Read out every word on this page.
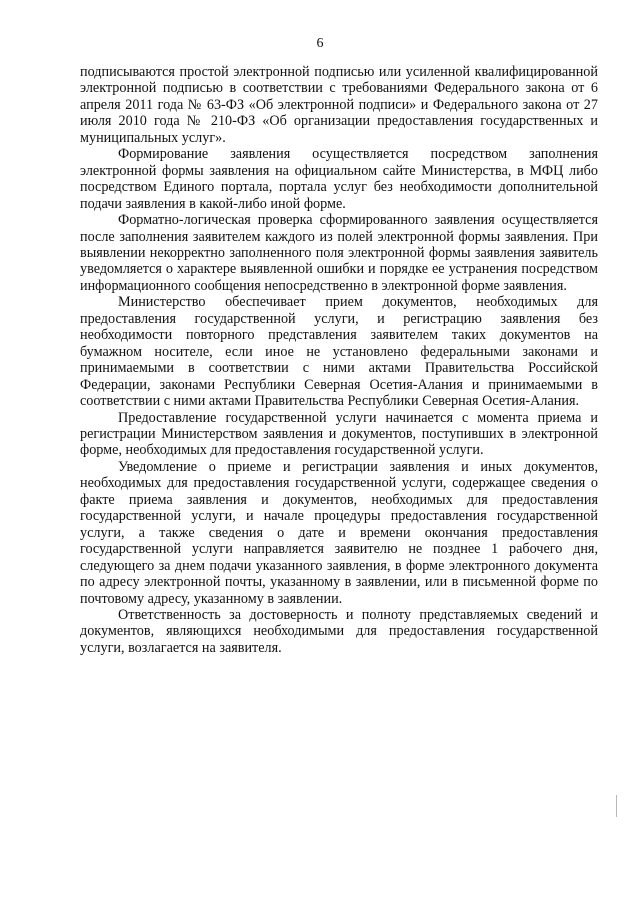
6

подписываются простой электронной подписью или усиленной квалифицированной электронной подписью в соответствии с требованиями Федерального закона от 6 апреля 2011 года № 63-ФЗ «Об электронной подписи» и Федерального закона от 27 июля 2010 года № 210-ФЗ «Об организации предоставления государственных и муниципальных услуг».

Формирование заявления осуществляется посредством заполнения электронной формы заявления на официальном сайте Министерства, в МФЦ либо посредством Единого портала, портала услуг без необходимости дополнительной подачи заявления в какой-либо иной форме.

Форматно-логическая проверка сформированного заявления осуществляется после заполнения заявителем каждого из полей электронной формы заявления. При выявлении некорректно заполненного поля электронной формы заявления заявитель уведомляется о характере выявленной ошибки и порядке ее устранения посредством информационного сообщения непосредственно в электронной форме заявления.

Министерство обеспечивает прием документов, необходимых для предоставления государственной услуги, и регистрацию заявления без необходимости повторного представления заявителем таких документов на бумажном носителе, если иное не установлено федеральными законами и принимаемыми в соответствии с ними актами Правительства Российской Федерации, законами Республики Северная Осетия-Алания и принимаемыми в соответствии с ними актами Правительства Республики Северная Осетия-Алания.

Предоставление государственной услуги начинается с момента приема и регистрации Министерством заявления и документов, поступивших в электронной форме, необходимых для предоставления государственной услуги.

Уведомление о приеме и регистрации заявления и иных документов, необходимых для предоставления государственной услуги, содержащее сведения о факте приема заявления и документов, необходимых для предоставления государственной услуги, и начале процедуры предоставления государственной услуги, а также сведения о дате и времени окончания предоставления государственной услуги направляется заявителю не позднее 1 рабочего дня, следующего за днем подачи указанного заявления, в форме электронного документа по адресу электронной почты, указанному в заявлении, или в письменной форме по почтовому адресу, указанному в заявлении.

Ответственность за достоверность и полноту представляемых сведений и документов, являющихся необходимыми для предоставления государственной услуги, возлагается на заявителя.
